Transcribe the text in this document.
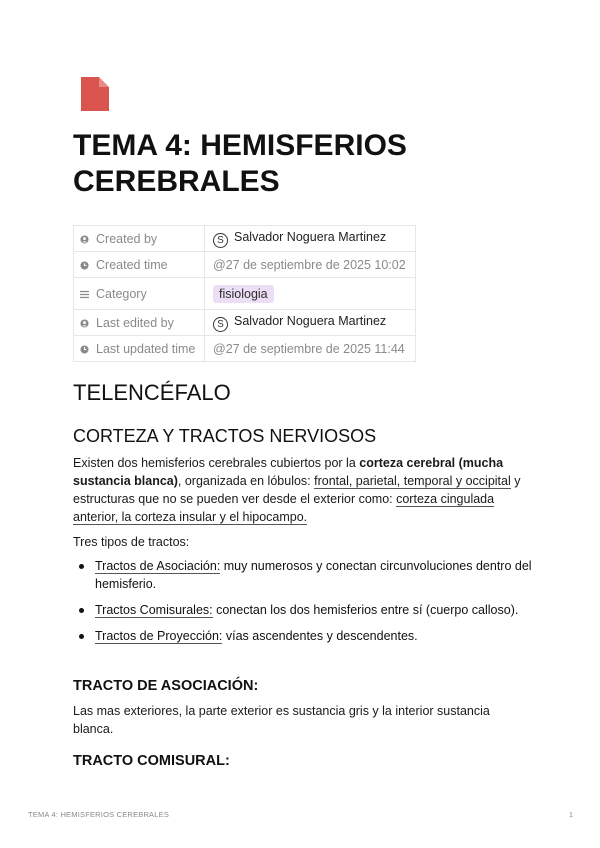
TEMA 4: HEMISFERIOS CEREBRALES
Created by	S Salvador Noguera Martinez
Created time	@27 de septiembre de 2025 10:02
Category	fisiologia
Last edited by	S Salvador Noguera Martinez
Last updated time	@27 de septiembre de 2025 11:44
TELENCÉFALO
CORTEZA Y TRACTOS NERVIOSOS

Existen dos hemisferios cerebrales cubiertos por la corteza cerebral (mucha sustancia blanca), organizada en lóbulos: frontal, parietal, temporal y occipital y estructuras que no se pueden ver desde el exterior como: corteza cingulada anterior, la corteza insular y el hipocampo.

Tres tipos de tractos:

Tractos de Asociación: muy numerosos y conectan circunvoluciones dentro del hemisferio.
Tractos Comisurales: conectan los dos hemisferios entre sí (cuerpo calloso).
Tractos de Proyección: vías ascendentes y descendentes.
TRACTO DE ASOCIACIÓN:

Las mas exteriores, la parte exterior es sustancia gris y la interior sustancia blanca.

TRACTO COMISURAL:
TEMA 4: HEMISFERIOS CEREBRALES	1
